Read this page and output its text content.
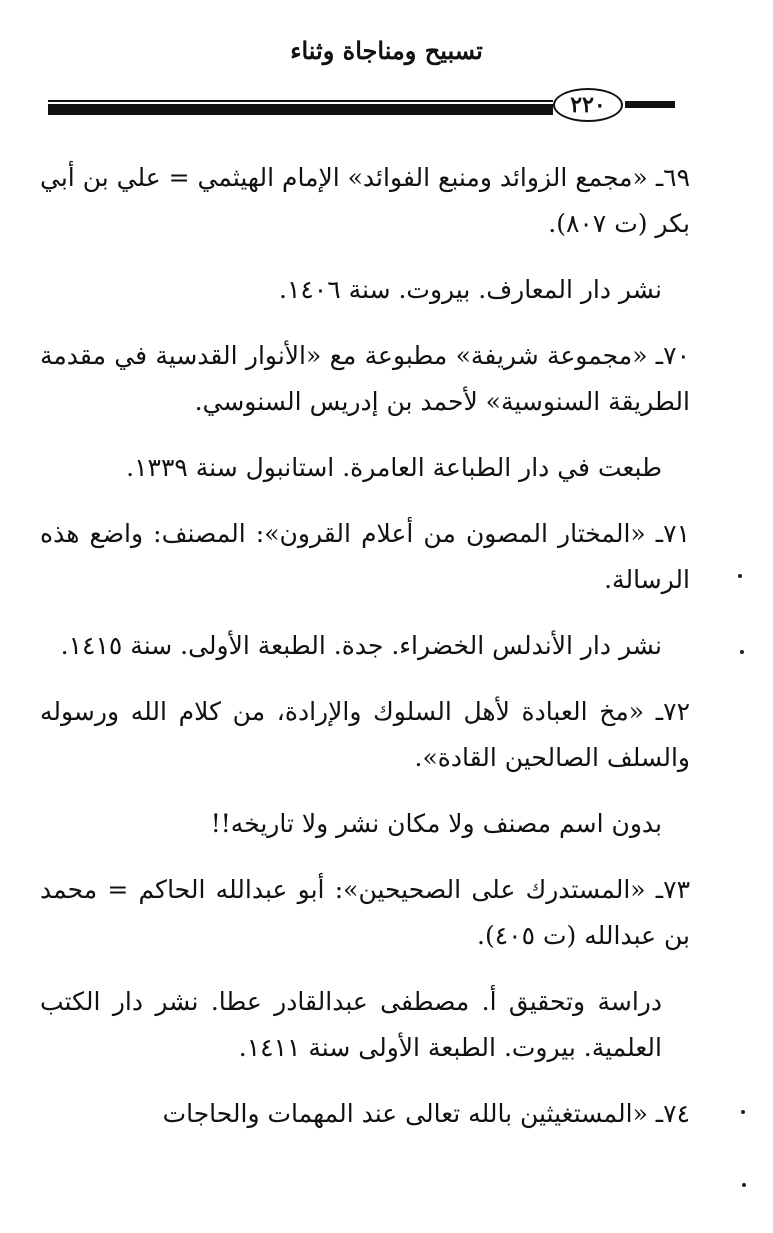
تسبيح ومناجاة وثناء
٢٢٠

٦٩ـ «مجمع الزوائد ومنبع الفوائد» الإمام الهيثمي = علي بن أبي بكر (ت ٨٠٧).

نشر دار المعارف. بيروت. سنة ١٤٠٦.

٧٠ـ «مجموعة شريفة» مطبوعة مع «الأنوار القدسية في مقدمة الطريقة السنوسية» لأحمد بن إدريس السنوسي.

طبعت في دار الطباعة العامرة. استانبول سنة ١٣٣٩.

٧١ـ «المختار المصون من أعلام القرون»: المصنف: واضع هذه الرسالة.

نشر دار الأندلس الخضراء. جدة. الطبعة الأولى. سنة ١٤١٥.

٧٢ـ «مخ العبادة لأهل السلوك والإرادة، من كلام الله ورسوله والسلف الصالحين القادة».

بدون اسم مصنف ولا مكان نشر ولا تاريخه!!

٧٣ـ «المستدرك على الصحيحين»: أبو عبدالله الحاكم = محمد بن عبدالله (ت ٤٠٥).

دراسة وتحقيق أ. مصطفى عبدالقادر عطا. نشر دار الكتب العلمية. بيروت. الطبعة الأولى سنة ١٤١١.

٧٤ـ «المستغيثين بالله تعالى عند المهمات والحاجات
